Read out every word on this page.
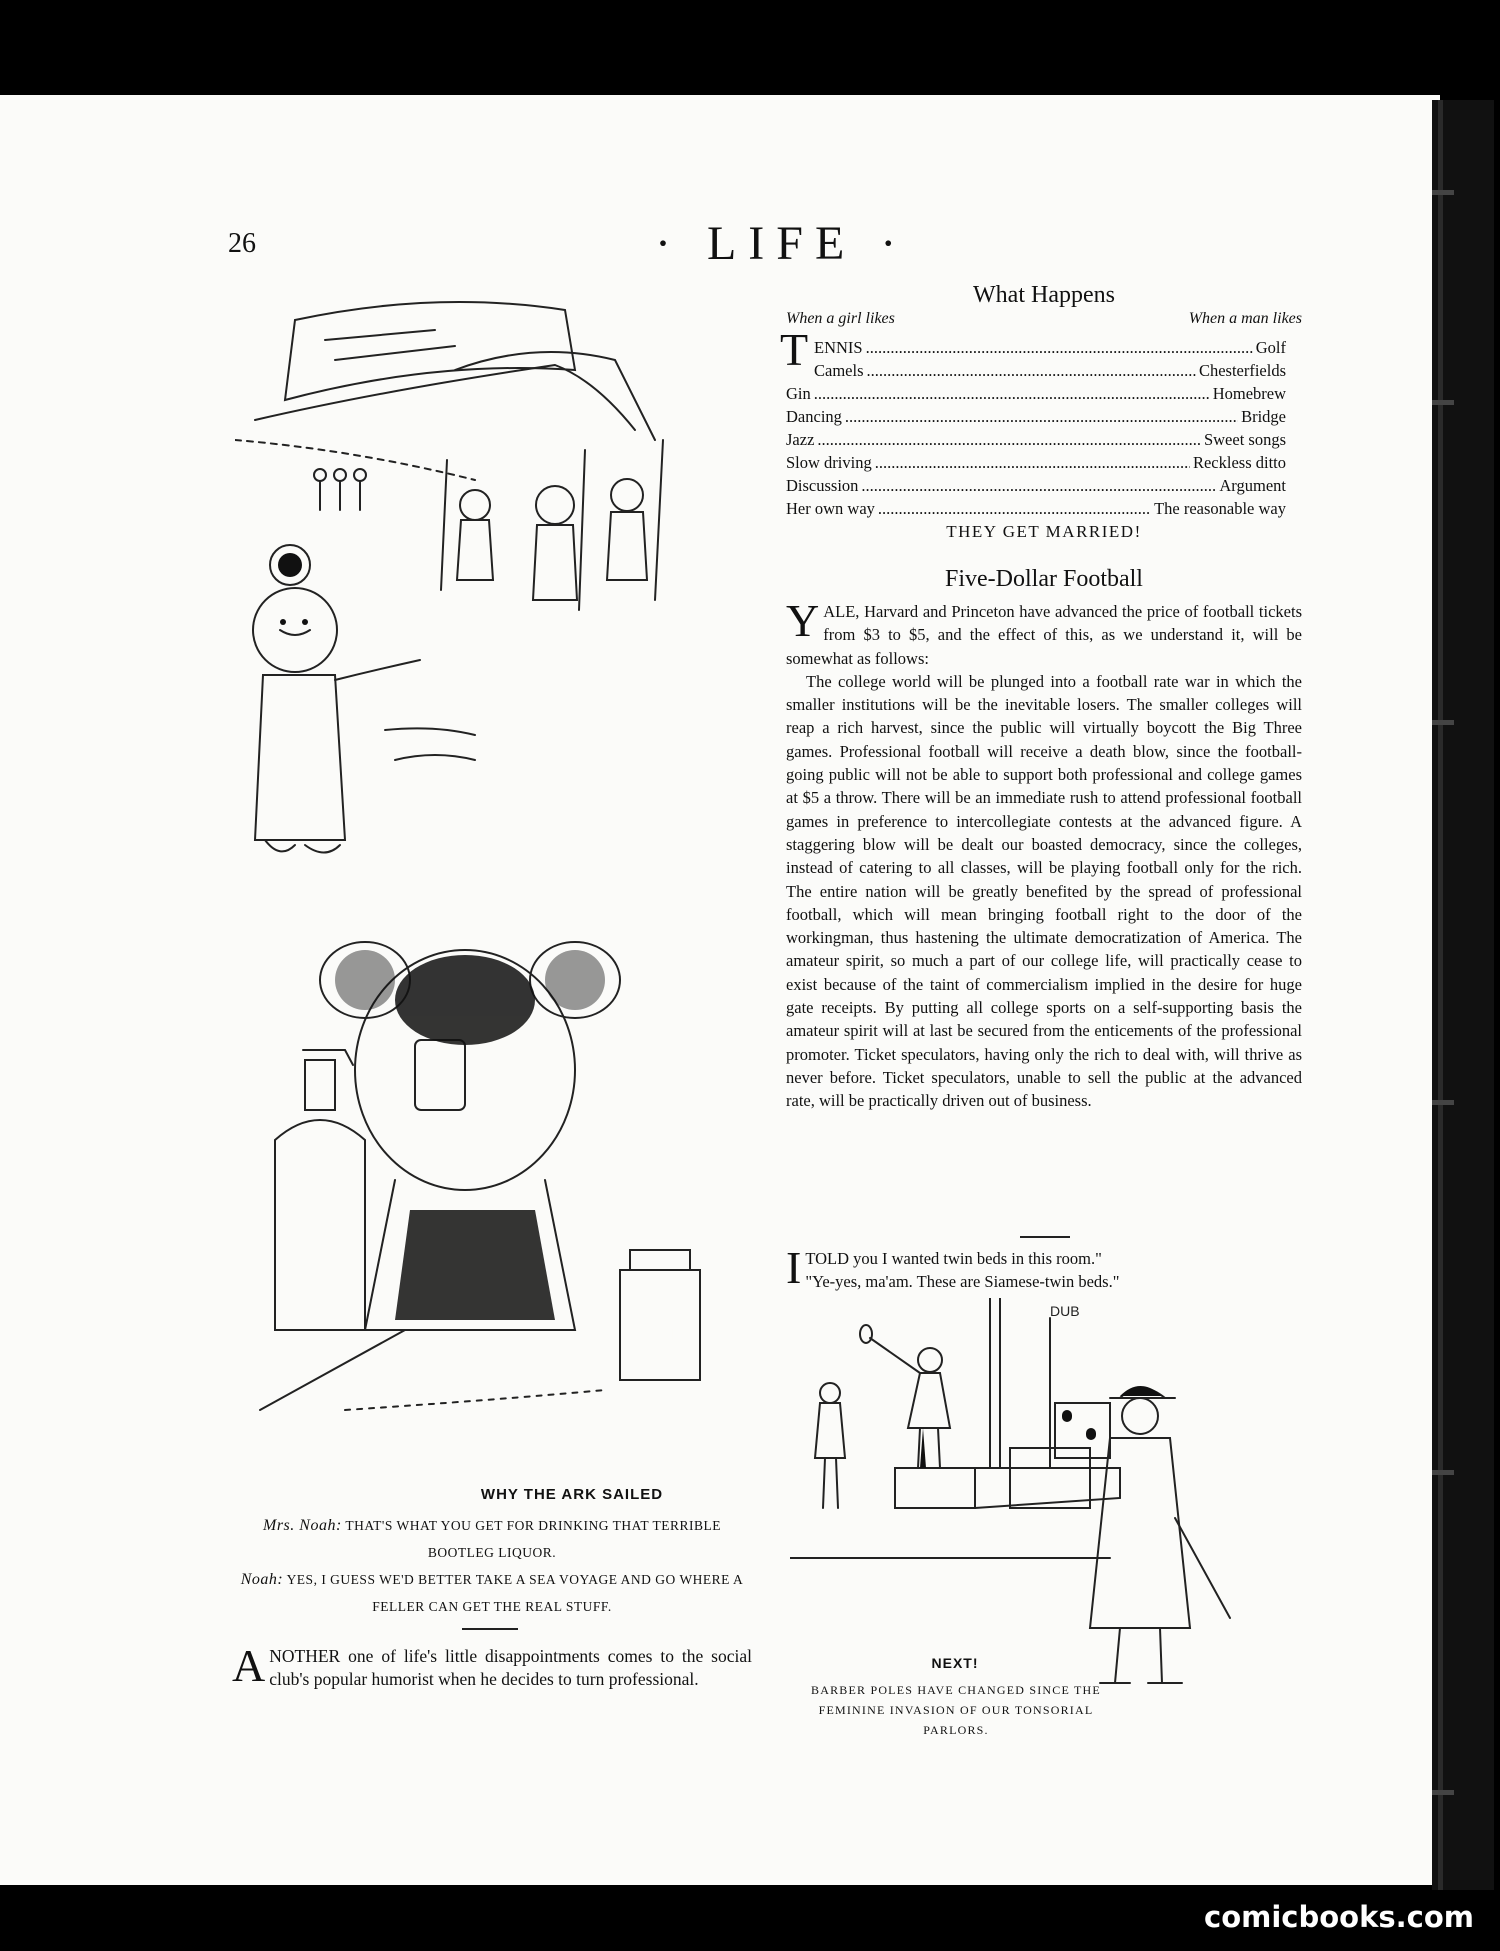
26	· LIFE ·
BROM
WHY THE ARK SAILED
Mrs. Noah: THAT'S WHAT YOU GET FOR DRINKING THAT TERRIBLE BOOTLEG LIQUOR.
Noah: YES, I GUESS WE'D BETTER TAKE A SEA VOYAGE AND GO WHERE A FELLER CAN GET THE REAL STUFF.
A NOTHER one of life's little disappointments comes to the social club's popular humorist when he decides to turn professional.
What Happens
When a girl likes	When a man likes
T ENNIS .....	Golf
Camels .....	Chesterfields
Gin .....	Homebrew
Dancing .....	Bridge
Jazz .....	Sweet songs
Slow driving .....	Reckless ditto
Discussion .....	Argument
Her own way .....	The reasonable way
THEY GET MARRIED!
Five-Dollar Football

YALE, Harvard and Princeton have advanced the price of football tickets from $3 to $5, and the effect of this, as we understand it, will be somewhat as follows:

The college world will be plunged into a football rate war in which the smaller institutions will be the inevitable losers. The smaller colleges will reap a rich harvest, since the public will virtually boycott the Big Three games. Professional football will receive a death blow, since the football-going public will not be able to support both professional and college games at $5 a throw. There will be an immediate rush to attend professional football games in preference to intercollegiate contests at the advanced figure. A staggering blow will be dealt our boasted democracy, since the colleges, instead of catering to all classes, will be playing football only for the rich. The entire nation will be greatly benefited by the spread of professional football, which will mean bringing football right to the door of the workingman, thus hastening the ultimate democratization of America. The amateur spirit, so much a part of our college life, will practically cease to exist because of the taint of commercialism implied in the desire for huge gate receipts. By putting all college sports on a self-supporting basis the amateur spirit will at last be secured from the enticements of the professional promoter. Ticket speculators, having only the rich to deal with, will thrive as never before. Ticket speculators, unable to sell the public at the advanced rate, will be practically driven out of business.

I TOLD you I wanted twin beds in this room."

"Ye-yes, ma'am. These are Siamese-twin beds."

DUB
NEXT!
BARBER POLES HAVE CHANGED SINCE THE FEMININE INVASION OF OUR TONSORIAL PARLORS.
comicbooks.com
